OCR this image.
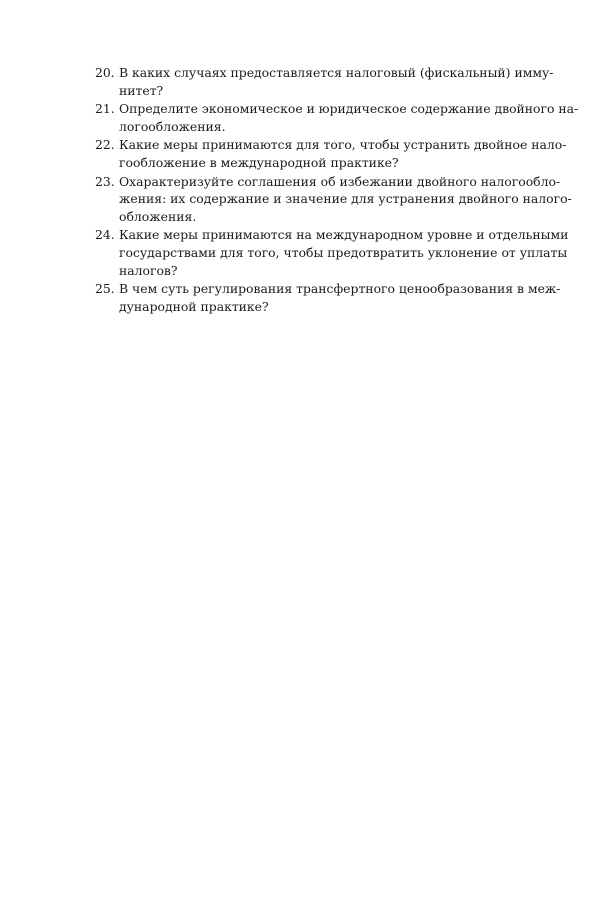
20. В каких случаях предоставляется налоговый (фискальный) имму-
нитет?
21. Определите экономическое и юридическое содержание двойного на-
логообложения.
22. Какие меры принимаются для того, чтобы устранить двойное нало-
гообложение в международной практике?
23. Охарактеризуйте соглашения об избежании двойного налогообло-
жения: их содержание и значение для устранения двойного налого-
обложения.
24. Какие меры принимаются на международном уровне и отдельными
государствами для того, чтобы предотвратить уклонение от уплаты
налогов?
25. В чем суть регулирования трансфертного ценообразования в меж-
дународной практике?
